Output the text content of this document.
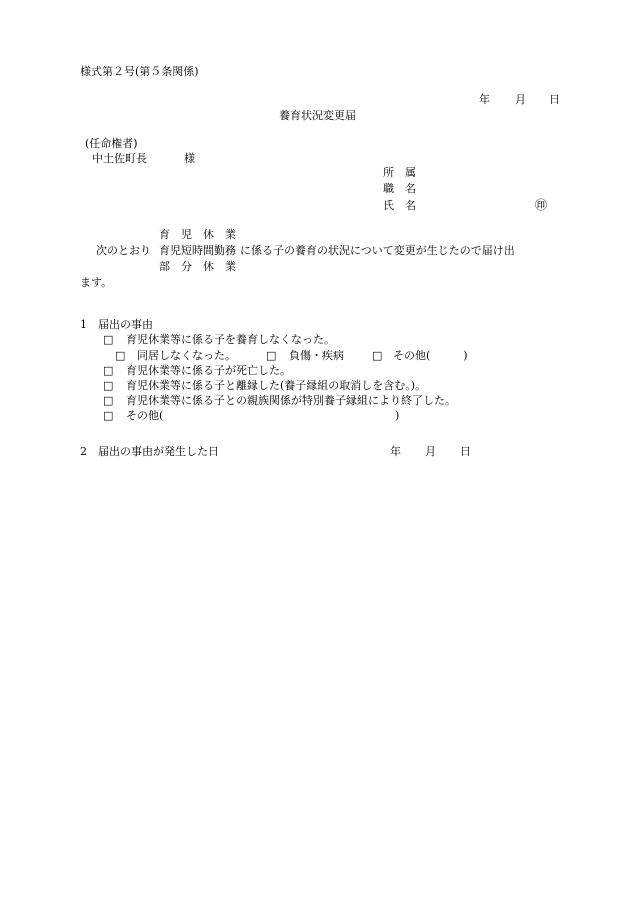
様式第２号(第５条関係)
年 月 日
養育状況変更届
(任命権者)
中土佐町長	様
所　属
職　名
氏　名	㊞
育　児　休　業
次のとおり 育児短時間勤務 に係る子の養育の状況について変更が生じたので届け出
部　分　休　業
ます。
1　届出の事由
□ 育児休業等に係る子を養育しなくなった。
□ 同居しなくなった。	□ 負傷・疾病	□ その他(　　　)
□ 育児休業等に係る子が死亡した。
□ 育児休業等に係る子と離縁した(養子縁組の取消しを含む。)。
□ 育児休業等に係る子との親族関係が特別養子縁組により終了した。
□ その他(	)
2　届出の事由が発生した日	年 月 日
